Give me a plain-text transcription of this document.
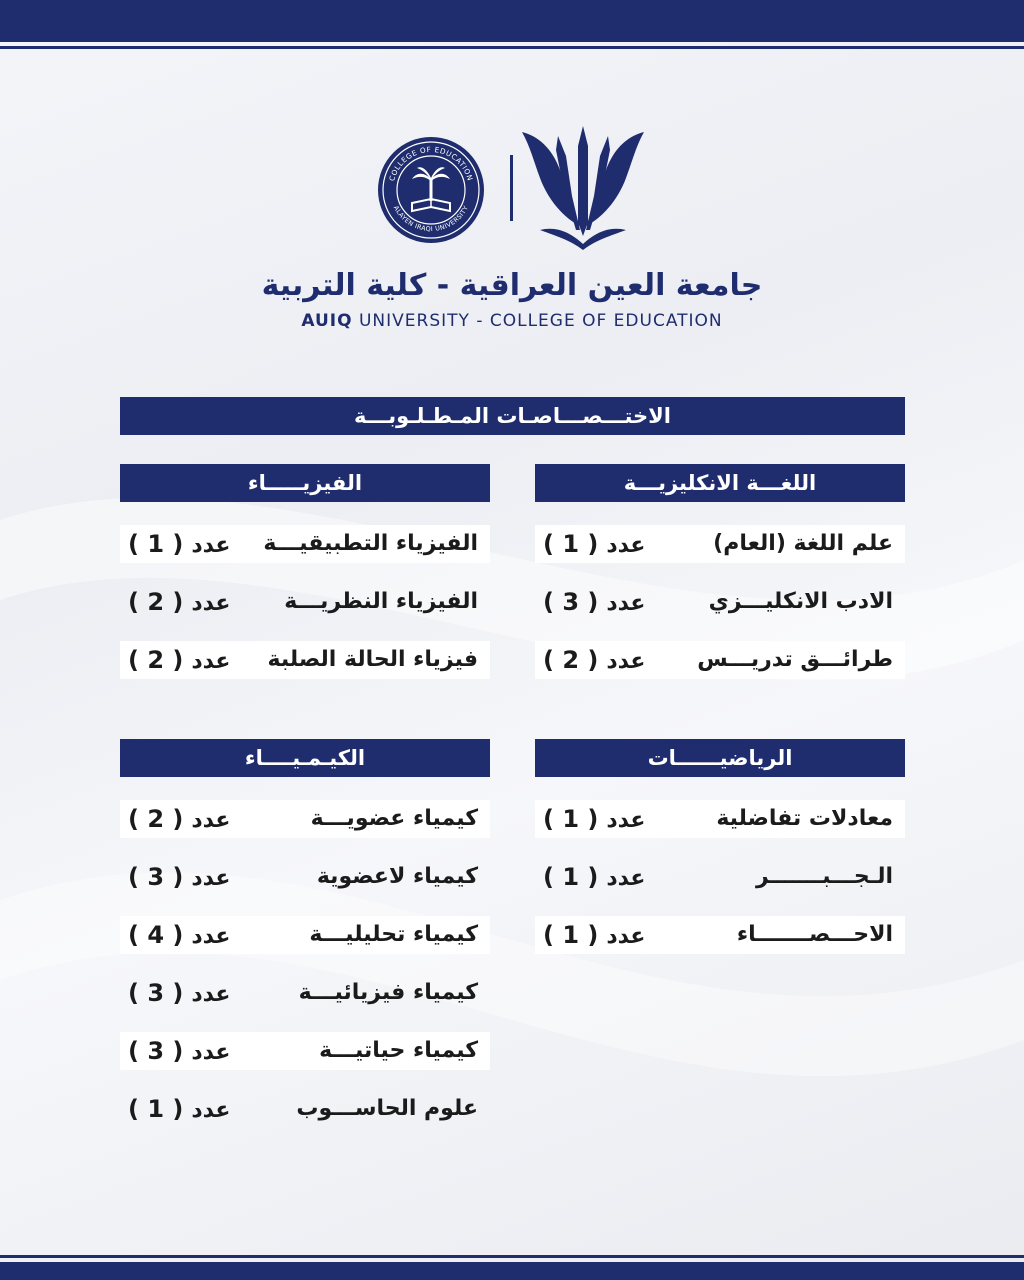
COLLEGE OF EDUCATION
ALAYEN IRAQI UNIVERSITY
جامعة العين العراقية - كلية التربية
AUIQ UNIVERSITY - COLLEGE OF EDUCATION
الاختـــصـــاصـات المـطـلـوبـــة
اللغـــة الانكليزيـــة
علم اللغة (العام)
عدد( 1 )
الادب الانكليـــزي
عدد( 3 )
طرائـــق تدريـــس
عدد( 2 )
الفيزيـــــاء
الفيزياء التطبيقيـــة
عدد( 1 )
الفيزياء النظريـــة
عدد( 2 )
فيزياء الحالة الصلبة
عدد( 2 )
الرياضيــــــات
معادلات تفاضلية
عدد( 1 )
الـجـــبـــــــر
عدد( 1 )
الاحـــصـــــــاء
عدد( 1 )
الكيـمـيــــاء
كيمياء عضويـــة
عدد( 2 )
كيمياء لاعضوية
عدد( 3 )
كيمياء تحليليـــة
عدد( 4 )
كيمياء فيزيائيـــة
عدد( 3 )
كيمياء حياتيـــة
عدد( 3 )
علوم الحاســـوب
عدد( 1 )
